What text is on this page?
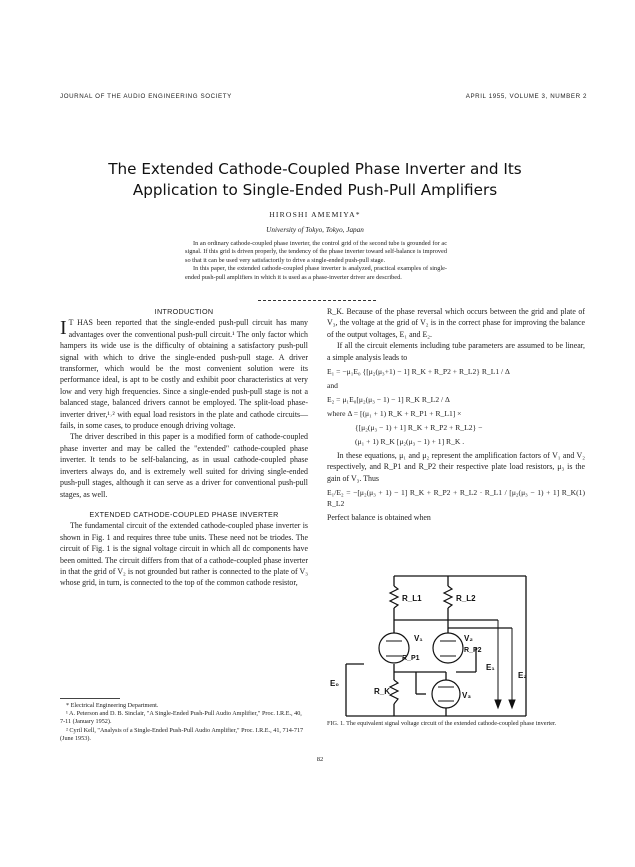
JOURNAL OF THE AUDIO ENGINEERING SOCIETY	APRIL 1955, VOLUME 3, NUMBER 2
The Extended Cathode-Coupled Phase Inverter and Its
Application to Single-Ended Push-Pull Amplifiers
HIROSHI AMEMIYA*
University of Tokyo, Tokyo, Japan

In an ordinary cathode-coupled phase inverter, the control grid of the second tube is grounded for ac signal. If this grid is driven properly, the tendency of the phase inverter toward self-balance is improved so that it can be used very satisfactorily to drive a single-ended push-pull stage.

In this paper, the extended cathode-coupled phase inverter is analyzed, practical examples of single-ended push-pull amplifiers in which it is used as a phase-inverter driver are described.

INTRODUCTION

I T HAS been reported that the single-ended push-pull circuit has many advantages over the conventional push-pull circuit.¹ The only factor which hampers its wide use is the difficulty of obtaining a satisfactory push-pull signal with which to drive the single-ended push-pull stage. A driver transformer, which would be the most convenient solution were its performance ideal, is apt to be costly and exhibit poor characteristics at very low and very high frequencies. Since a single-ended push-pull stage is not a balanced stage, balanced drivers cannot be employed. The split-load phase-inverter driver,¹˒² with equal load resistors in the plate and cathode circuits—fails, in some cases, to produce enough driving voltage.

The driver described in this paper is a modified form of cathode-coupled phase inverter and may be called the "extended" cathode-coupled phase inverter. It tends to be self-balancing, as in usual cathode-coupled phase inverters always do, and is extremely well suited for driving single-ended push-pull stages, although it can serve as a driver for conventional push-pull stages, as well.

EXTENDED CATHODE-COUPLED PHASE INVERTER

The fundamental circuit of the extended cathode-coupled phase inverter is shown in Fig. 1 and requires three tube units. These need not be triodes. The circuit of Fig. 1 is the signal voltage circuit in which all dc components have been omitted. The circuit differs from that of a cathode-coupled phase inverter in that the grid of V₂ is not grounded but rather is connected to the plate of V₃ whose grid, in turn, is connected to the top of the common cathode resistor,

R_K. Because of the phase reversal which occurs between the grid and plate of V₃, the voltage at the grid of V₂ is in the correct phase for improving the balance of the output voltages, E₁ and E₂.

If all the circuit elements including tube parameters are assumed to be linear, a simple analysis leads to

E₁ = −μ₁E₀ {[μ₂(μ₃+1) − 1] R_K + R_P2 + R_L2} R_L1 / Δ
and
E₂ = μ₁E₀[μ₂(μ₃ − 1) − 1] R_K R_L2 / Δ
where Δ = [(μ₁ + 1) R_K + R_P1 + R_L1] ×
{[μ₂(μ₃ − 1) + 1] R_K + R_P2 + R_L2} −
(μ₁ + 1) R_K [μ₂(μ₃ − 1) + 1] R_K .

In these equations, μ₁ and μ₂ represent the amplification factors of V₁ and V₂ respectively, and R_P1 and R_P2 their respective plate load resistors, μ₃ is the gain of V₃. Thus

(1)
E₁/E₂ = −[μ₂(μ₃ + 1) − 1] R_K + R_P2 + R_L2 · R_L1 / [μ₂(μ₃ − 1) + 1] R_K R_L2

Perfect balance is obtained when

R_L1	R_L2
V₁	V₂
R_P1
R_P2
V₃
R_K
E₀
E₁
E₂
FIG. 1. The equivalent signal voltage circuit of the extended cathode-coupled phase inverter.
* Electrical Engineering Department.
¹ A. Peterson and D. B. Sinclair, "A Single-Ended Push-Pull Audio Amplifier," Proc. I.R.E., 40, 7-11 (January 1952).
² Cyril Kell, "Analysis of a Single-Ended Push-Pull Audio Amplifier," Proc. I.R.E., 41, 714-717 (June 1953).
82
